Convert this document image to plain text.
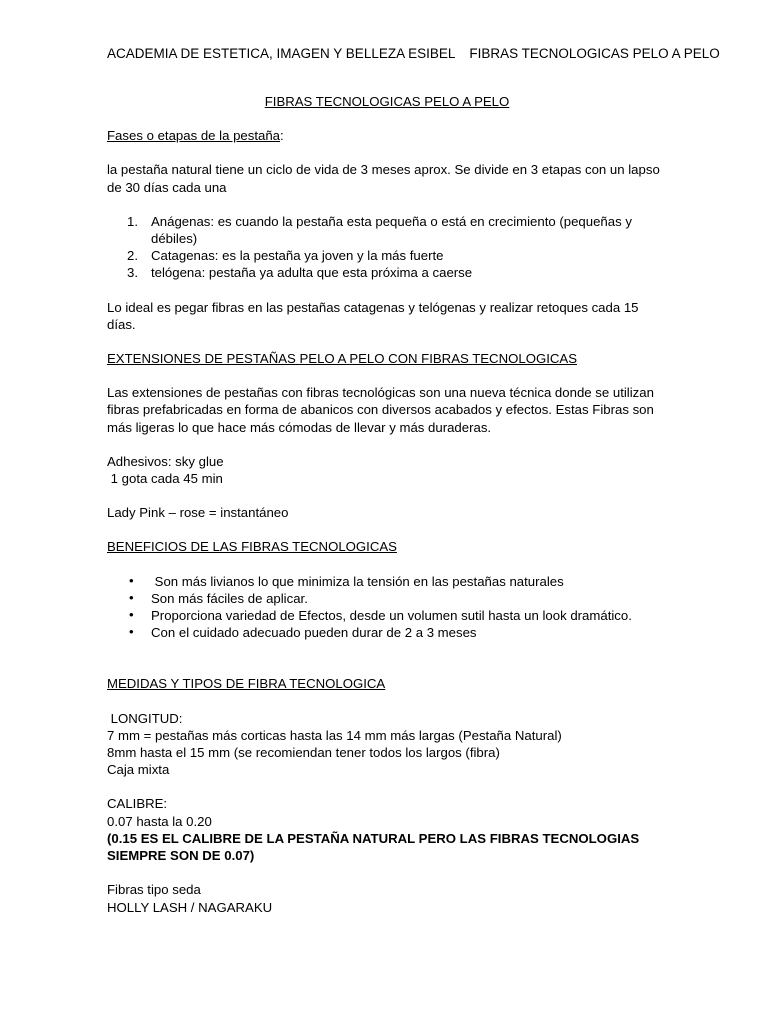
ACADEMIA DE ESTETICA, IMAGEN Y BELLEZA ESIBEL FIBRAS TECNOLOGICAS PELO A PELO

FIBRAS TECNOLOGICAS PELO A PELO

Fases o etapas de la pestaña:

la pestaña natural tiene un ciclo de vida de 3 meses aprox. Se divide en 3 etapas con un lapso de 30 días cada una

1. Anágenas: es cuando la pestaña esta pequeña o está en crecimiento (pequeñas y débiles)
2. Catagenas: es la pestaña ya joven y la más fuerte
3. telógena: pestaña ya adulta que esta próxima a caerse

Lo ideal es pegar fibras en las pestañas catagenas y telógenas y realizar retoques cada 15 días.

EXTENSIONES DE PESTAÑAS PELO A PELO CON FIBRAS TECNOLOGICAS

Las extensiones de pestañas con fibras tecnológicas son una nueva técnica donde se utilizan fibras prefabricadas en forma de abanicos con diversos acabados y efectos. Estas Fibras son más ligeras lo que hace más cómodas de llevar y más duraderas.

Adhesivos: sky glue

1 gota cada 45 min

Lady Pink – rose = instantáneo

BENEFICIOS DE LAS FIBRAS TECNOLOGICAS

• Son más livianos lo que minimiza la tensión en las pestañas naturales
• Son más fáciles de aplicar.
• Proporciona variedad de Efectos, desde un volumen sutil hasta un look dramático.
• Con el cuidado adecuado pueden durar de 2 a 3 meses

MEDIDAS Y TIPOS DE FIBRA TECNOLOGICA

LONGITUD:

7 mm = pestañas más corticas hasta las 14 mm más largas (Pestaña Natural)

8mm hasta el 15 mm (se recomiendan tener todos los largos (fibra)

Caja mixta

CALIBRE:

0.07 hasta la 0.20

(0.15 ES EL CALIBRE DE LA PESTAÑA NATURAL PERO LAS FIBRAS TECNOLOGIAS SIEMPRE SON DE 0.07)

Fibras tipo seda

HOLLY LASH / NAGARAKU
